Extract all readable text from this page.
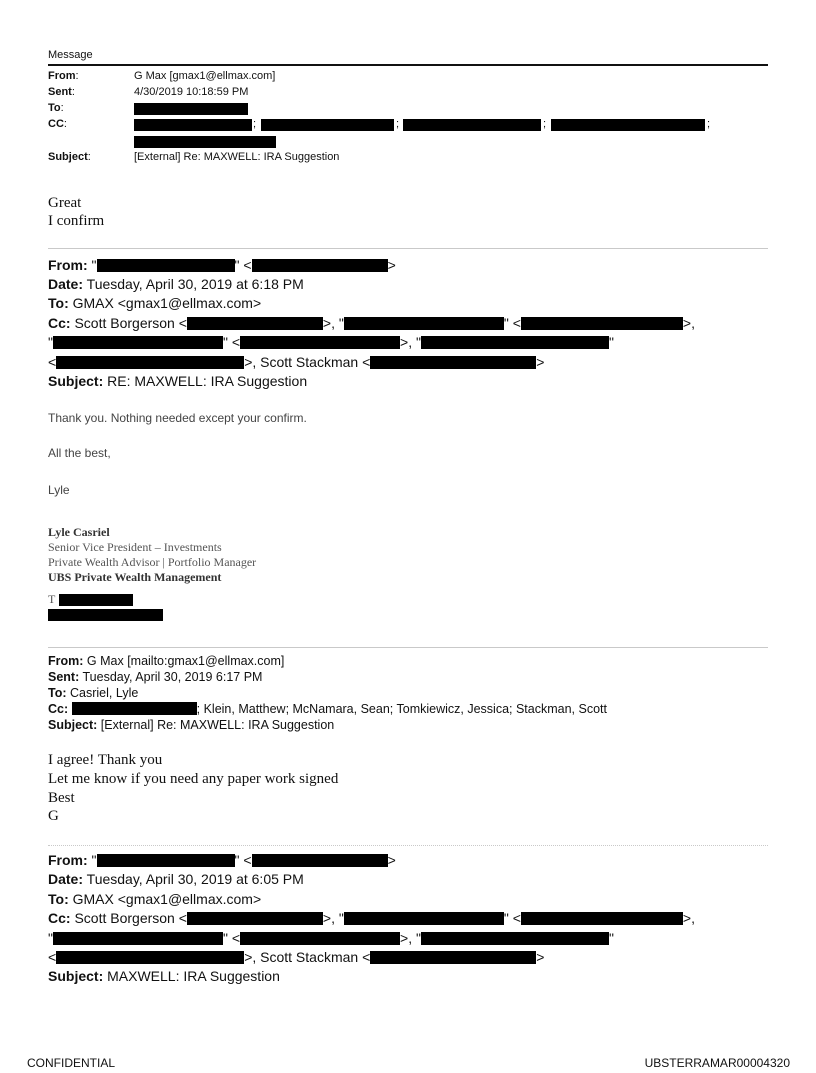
Message
From:	G Max [gmax1@ellmax.com]
Sent:	4/30/2019 10:18:59 PM
To:
CC:	;	;	;	;
Subject:	[External] Re: MAXWELL: IRA Suggestion
Great
I confirm
From: "	" <	>
Date: Tuesday, April 30, 2019 at 6:18 PM
To: GMAX <gmax1@ellmax.com>
Cc: Scott Borgerson <	>, "	" <	>,
"	" <	>, "	"
<	>, Scott Stackman <	>
Subject: RE: MAXWELL: IRA Suggestion
Thank you. Nothing needed except your confirm.
All the best,
Lyle
Lyle Casriel
Senior Vice President – Investments
Private Wealth Advisor | Portfolio Manager
UBS Private Wealth Management
T
From: G Max [mailto:gmax1@ellmax.com]
Sent: Tuesday, April 30, 2019 6:17 PM
To: Casriel, Lyle
Cc:	; Klein, Matthew; McNamara, Sean; Tomkiewicz, Jessica; Stackman, Scott
Subject: [External] Re: MAXWELL: IRA Suggestion
I agree! Thank you
Let me know if you need any paper work signed
Best
G
From: "	" <	>
Date: Tuesday, April 30, 2019 at 6:05 PM
To: GMAX <gmax1@ellmax.com>
Cc: Scott Borgerson <	>, "	" <	>,
"	" <	>, "	"
<	>, Scott Stackman <	>
Subject: MAXWELL: IRA Suggestion
CONFIDENTIAL	UBSTERRAMAR00004320
